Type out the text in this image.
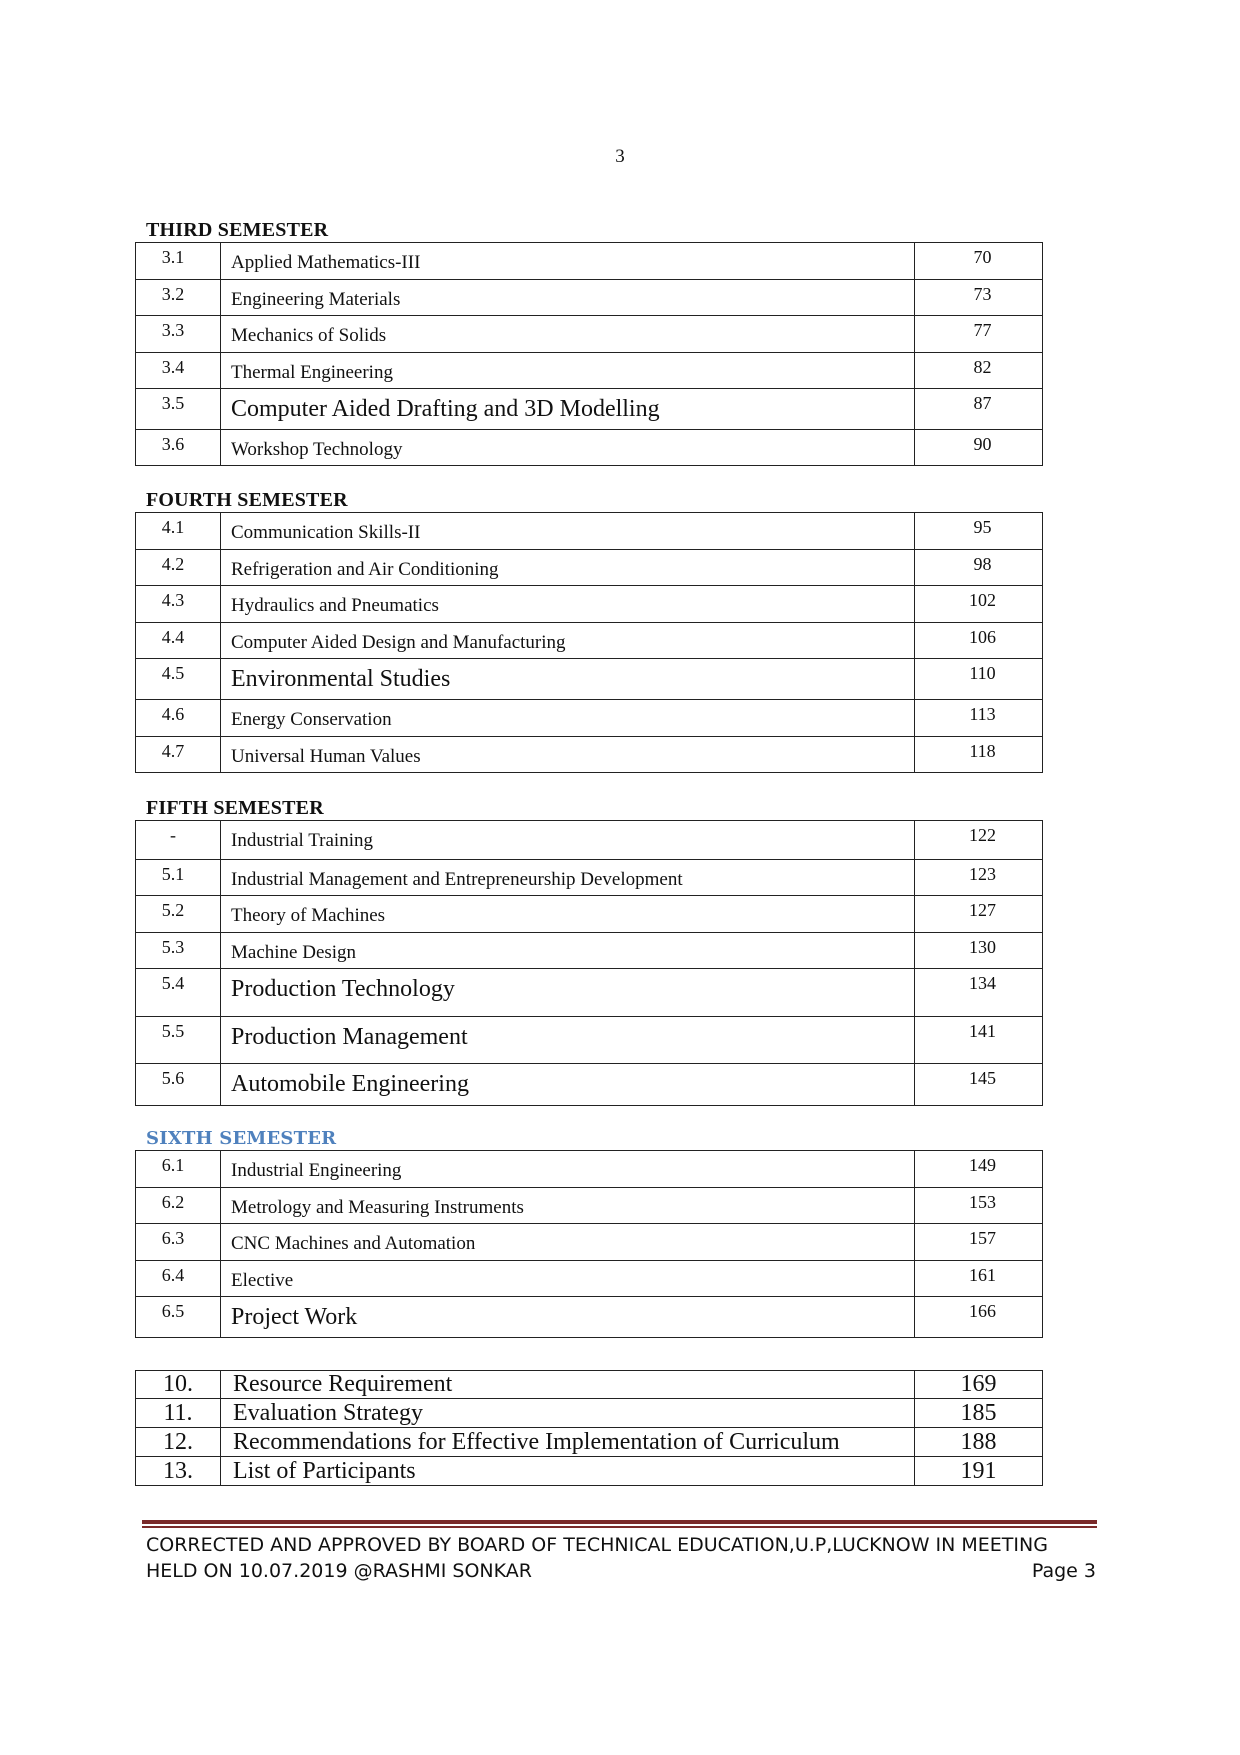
3
THIRD SEMESTER
3.1	Applied Mathematics-III	70
3.2	Engineering Materials	73
3.3	Mechanics of Solids	77
3.4	Thermal Engineering	82
3.5	Computer Aided Drafting and 3D Modelling	87
3.6	Workshop Technology	90
FOURTH SEMESTER
4.1	Communication Skills-II	95
4.2	Refrigeration and Air Conditioning	98
4.3	Hydraulics and Pneumatics	102
4.4	Computer Aided Design and Manufacturing	106
4.5	Environmental Studies	110
4.6	Energy Conservation	113
4.7	Universal Human Values	118
FIFTH SEMESTER
-	Industrial Training	122
5.1	Industrial Management and Entrepreneurship Development	123
5.2	Theory of Machines	127
5.3	Machine Design	130
5.4	Production Technology	134
5.5	Production Management	141
5.6	Automobile Engineering	145
SIXTH SEMESTER
6.1	Industrial Engineering	149
6.2	Metrology and Measuring Instruments	153
6.3	CNC Machines and Automation	157
6.4	Elective	161
6.5	Project Work	166
10.	Resource Requirement	169
11.	Evaluation Strategy	185
12.	Recommendations for Effective Implementation of Curriculum	188
13.	List of Participants	191
CORRECTED AND APPROVED BY BOARD OF TECHNICAL EDUCATION,U.P,LUCKNOW IN MEETING
HELD ON 10.07.2019 @RASHMI SONKAR	Page 3
